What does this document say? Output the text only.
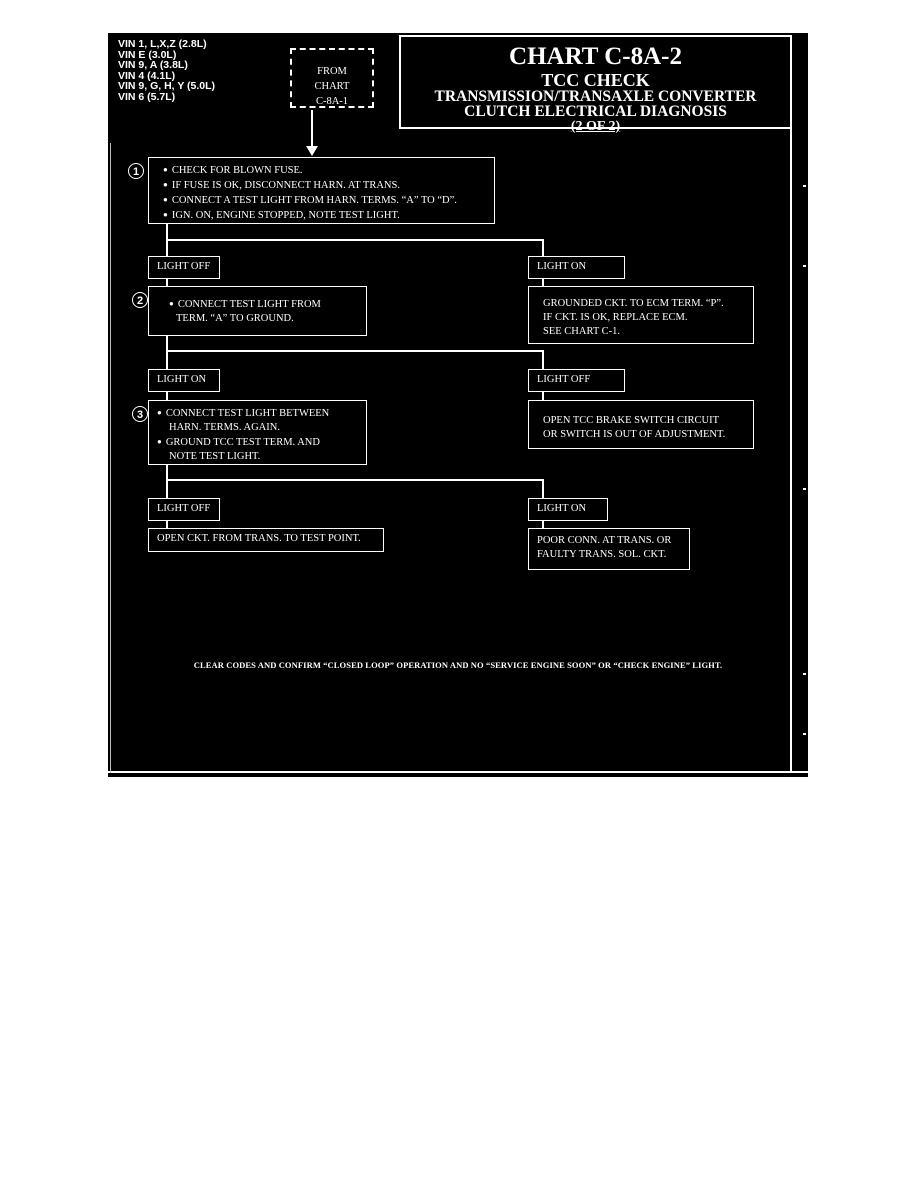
VIN 1, L,X,Z (2.8L)
VIN E (3.0L)
VIN 9, A (3.8L)
VIN 4 (4.1L)
VIN 9, G, H, Y (5.0L)
VIN 6 (5.7L)
FROM
CHART
C-8A-1
CHART C-8A-2
TCC CHECK
TRANSMISSION/TRANSAXLE CONVERTER
CLUTCH ELECTRICAL DIAGNOSIS
(2 OF 2)
1	● CHECK FOR BLOWN FUSE.
● IF FUSE IS OK, DISCONNECT HARN. AT TRANS.
● CONNECT A TEST LIGHT FROM HARN. TERMS. “A” TO “D”.
● IGN. ON, ENGINE STOPPED, NOTE TEST LIGHT.
LIGHT OFF	LIGHT ON
2	● CONNECT TEST LIGHT FROM
TERM. “A” TO GROUND.
GROUNDED CKT. TO ECM TERM. “P”.
IF CKT. IS OK, REPLACE ECM.
SEE CHART C-1.
LIGHT ON	LIGHT OFF
3	● CONNECT TEST LIGHT BETWEEN
HARN. TERMS. AGAIN.
● GROUND TCC TEST TERM. AND
NOTE TEST LIGHT.
OPEN TCC BRAKE SWITCH CIRCUIT
OR SWITCH IS OUT OF ADJUSTMENT.
LIGHT OFF	LIGHT ON
OPEN CKT. FROM TRANS. TO TEST POINT.	POOR CONN. AT TRANS. OR
FAULTY TRANS. SOL. CKT.
CLEAR CODES AND CONFIRM “CLOSED LOOP” OPERATION AND NO “SERVICE ENGINE SOON” OR “CHECK ENGINE” LIGHT.
